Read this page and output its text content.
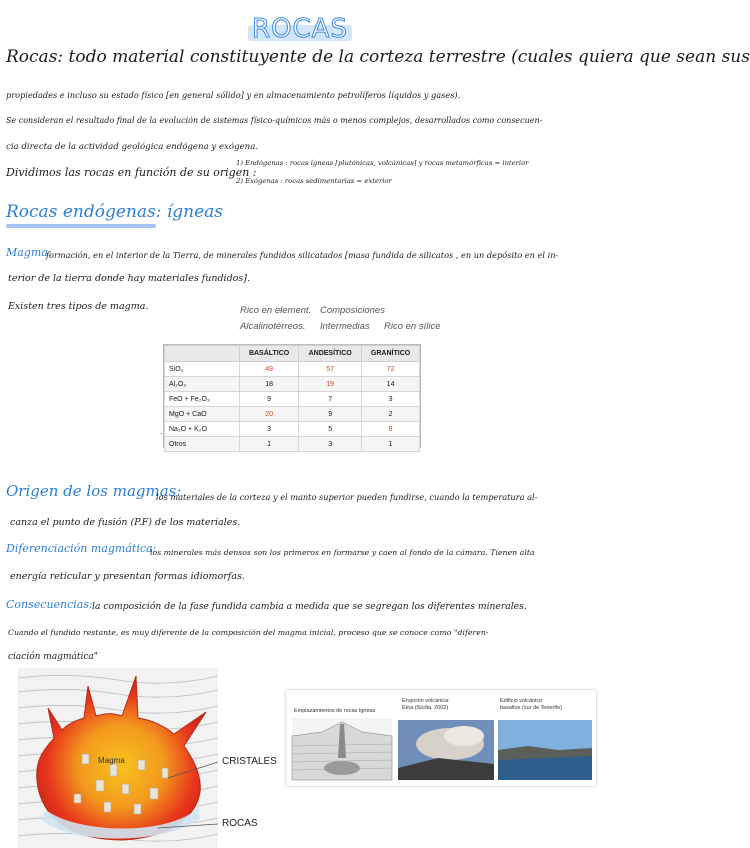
ROCAS
Rocas: todo material constituyente de la corteza terrestre (cuales quiera que sean sus
propiedades e incluso su estado físico [en general sólido] y en almacenamiento petrolíferos líquidos y gases).
Se consideran el resultado final de la evolución de sistemas físico-químicos más o menos complejos, desarrollados como consecuen-
cia directa de la actividad geológica endógena y exógena.
Dividimos las rocas en función de su origen :
1) Endógenas : rocas ígneas [plutónicas, volcánicas] y rocas metamórficas = interior
2) Exógenas : rocas sedimentarias = exterior
Rocas endógenas: ígneas
Magma:
formación, en el interior de la Tierra, de minerales fundidos silicatados [masa fundida de silicatos , en un depósito en el in-
terior de la tierra donde hay materiales fundidos].
Existen tres tipos de magma.	Rico en element.
Alcalinotérreos.
Composiciones
Intermedias Rico en sílice
	BASÁLTICO	ANDESÍTICO	GRANÍTICO
SiO₂	49	57	72
Al₂O₃	18	19	14
FeO + Fe₂O₃	9	7	3
MgO + CaO	20	9	2
Na₂O + K₂O	3	5	8
Otros	1	3	1
.
Origen de los magmas:
los materiales de la corteza y el manto superior pueden fundirse, cuando la temperatura al-
canza el punto de fusión (P.F) de los materiales.
Diferenciación magmática:
los minerales más densos son los primeros en formarse y caen al fondo de la cámara. Tienen alta
energía reticular y presentan formas idiomorfas.
Consecuencias: la composición de la fase fundida cambia a medida que se segregan los diferentes minerales.
Cuando el fundido restante, es muy diferente de la composición del magma inicial, proceso que se conoce como "diferen-
ciación magmática"
Magma	CRISTALES
ROCAS
Emplazamientos de rocas ígneas
Erupción volcánica:
Etna (Sicilia, 2002)
Edificio volcánico:
basaltos (sur de Tenerife)
